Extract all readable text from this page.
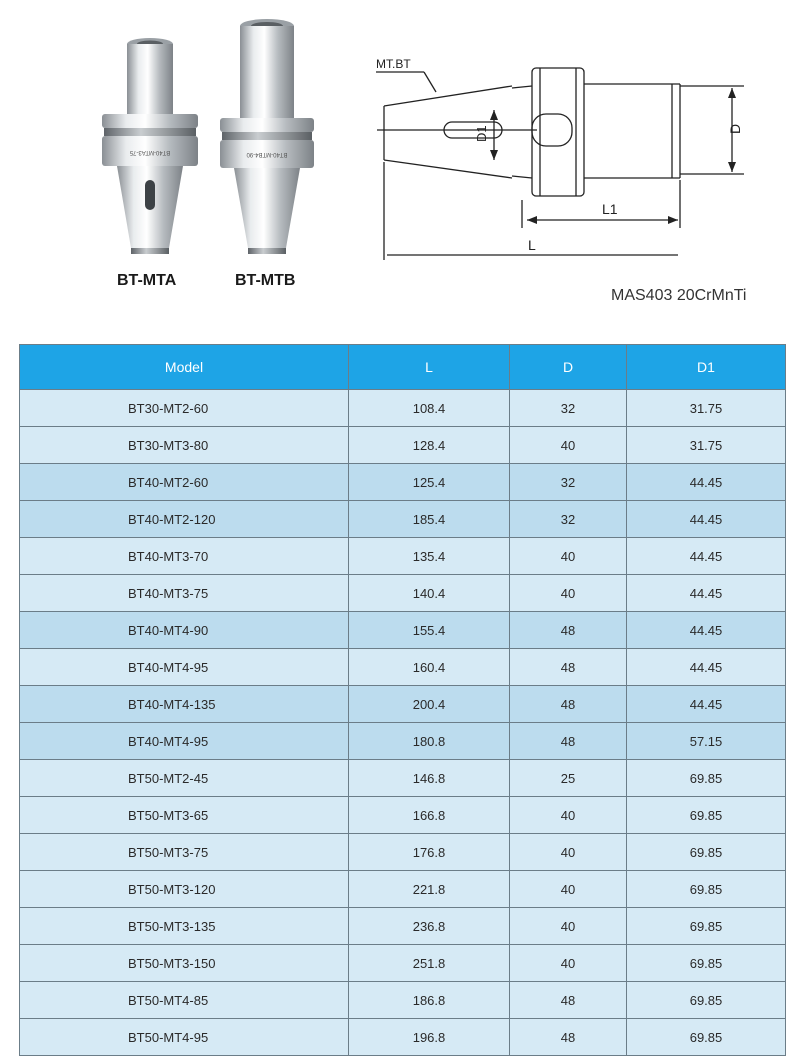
BT40-MTA3-75
BT-MTA
BT40-MTB4-90
BT-MTB
MT.BT
D
D1
L1
L
MAS403 20CrMnTi
Model	L	D	D1
BT30-MT2-60	108.4	32	31.75
BT30-MT3-80	128.4	40	31.75
BT40-MT2-60	125.4	32	44.45
BT40-MT2-120	185.4	32	44.45
BT40-MT3-70	135.4	40	44.45
BT40-MT3-75	140.4	40	44.45
BT40-MT4-90	155.4	48	44.45
BT40-MT4-95	160.4	48	44.45
BT40-MT4-135	200.4	48	44.45
BT40-MT4-95	180.8	48	57.15
BT50-MT2-45	146.8	25	69.85
BT50-MT3-65	166.8	40	69.85
BT50-MT3-75	176.8	40	69.85
BT50-MT3-120	221.8	40	69.85
BT50-MT3-135	236.8	40	69.85
BT50-MT3-150	251.8	40	69.85
BT50-MT4-85	186.8	48	69.85
BT50-MT4-95	196.8	48	69.85
